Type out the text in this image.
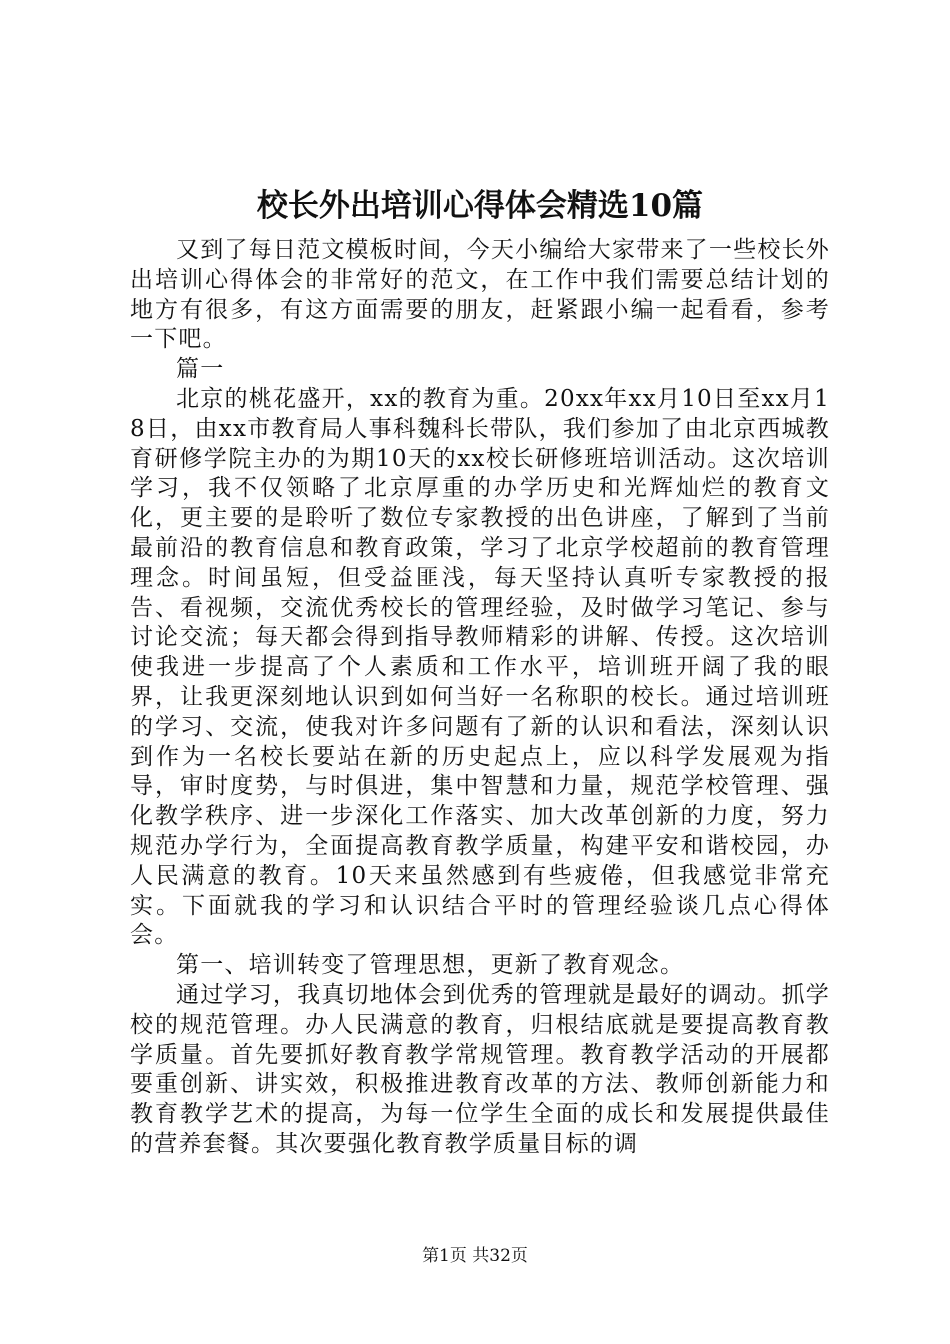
校长外出培训心得体会精选10篇

又到了每日范文模板时间，今天小编给大家带来了一些校长外出培训心得体会的非常好的范文，在工作中我们需要总结计划的地方有很多，有这方面需要的朋友，赶紧跟小编一起看看，参考一下吧。

篇一

北京的桃花盛开，xx的教育为重。20xx年xx月10日至xx月18日，由xx市教育局人事科魏科长带队，我们参加了由北京西城教育研修学院主办的为期10天的xx校长研修班培训活动。这次培训学习，我不仅领略了北京厚重的办学历史和光辉灿烂的教育文化，更主要的是聆听了数位专家教授的出色讲座，了解到了当前最前沿的教育信息和教育政策，学习了北京学校超前的教育管理理念。时间虽短，但受益匪浅，每天坚持认真听专家教授的报告、看视频，交流优秀校长的管理经验，及时做学习笔记、参与讨论交流；每天都会得到指导教师精彩的讲解、传授。这次培训使我进一步提高了个人素质和工作水平，培训班开阔了我的眼界，让我更深刻地认识到如何当好一名称职的校长。通过培训班的学习、交流，使我对许多问题有了新的认识和看法，深刻认识到作为一名校长要站在新的历史起点上，应以科学发展观为指导，审时度势，与时俱进，集中智慧和力量，规范学校管理、强化教学秩序、进一步深化工作落实、加大改革创新的力度，努力规范办学行为，全面提高教育教学质量，构建平安和谐校园，办人民满意的教育。10天来虽然感到有些疲倦，但我感觉非常充实。下面就我的学习和认识结合平时的管理经验谈几点心得体会。

第一、培训转变了管理思想，更新了教育观念。

通过学习，我真切地体会到优秀的管理就是最好的调动。抓学校的规范管理。办人民满意的教育，归根结底就是要提高教育教学质量。首先要抓好教育教学常规管理。教育教学活动的开展都要重创新、讲实效，积极推进教育改革的方法、教师创新能力和教育教学艺术的提高，为每一位学生全面的成长和发展提供最佳的营养套餐。其次要强化教育教学质量目标的调

第1页 共32页
